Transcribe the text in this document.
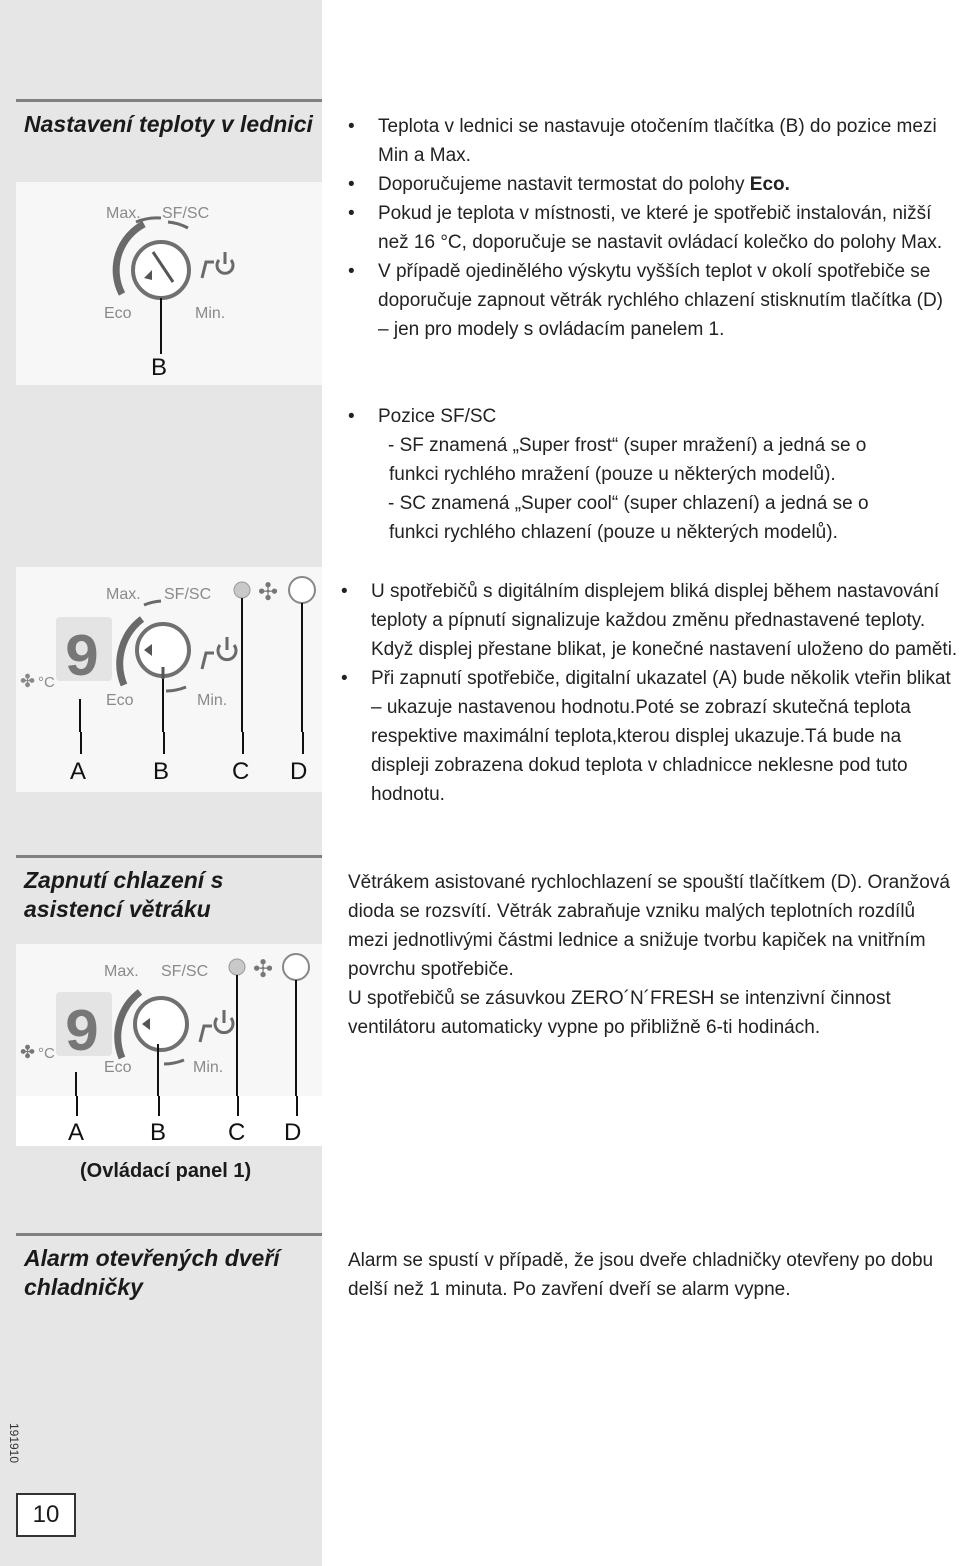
Nastavení teploty v lednici
Max. SF/SC
Eco	Min.
B
• Teplota v lednici se nastavuje otočením tlačítka (B) do pozice mezi Min a Max.
• Doporučujeme nastavit termostat do polohy Eco.
• Pokud je teplota v místnosti, ve které je spotřebič instalován, nižší než 16 °C, doporučuje se nastavit ovládací kolečko do polohy Max.
• V případě ojedinělého výskytu vyšších teplot v okolí spotřebiče se doporučuje zapnout větrák rychlého chlazení stisknutím tlačítka (D) – jen pro modely s ovládacím panelem 1.
• Pozice SF/SC
- SF znamená „Super frost“ (super mražení) a jedná se o
funkci rychlého mražení (pouze u některých modelů).
- SC znamená „Super cool“ (super chlazení) a jedná se o
funkci rychlého chlazení (pouze u některých modelů).
9
✤ °C
✣
Max. SF/SC
Eco	Min.
A	B	C D
• U spotřebičů s digitálním displejem bliká displej během nastavování teploty a pípnutí signalizuje každou změnu přednastavené teploty. Když displej přestane blikat, je konečné nastavení uloženo do paměti.
• Při zapnutí spotřebiče, digitalní ukazatel (A) bude několik vteřin blikat – ukazuje nastavenou hodnotu.Poté se zobrazí skutečná teplota respektive maximální teplota,kterou displej ukazuje.Tá bude na displeji zobrazena dokud teplota v chladnicce neklesne pod tuto hodnotu.
Zapnutí chlazení s asistencí větráku
9
✤ °C
✣
Max. SF/SC
Eco	Min.
A	B	C D
(Ovládací panel 1)

Větrákem asistované rychlochlazení se spouští tlačítkem (D). Oranžová dioda se rozsvítí. Větrák zabraňuje vzniku malých teplotních rozdílů mezi jednotlivými částmi lednice a snižuje tvorbu kapiček na vnitřním povrchu spotřebiče.

U spotřebičů se zásuvkou ZERO´N´FRESH se intenzivní činnost ventilátoru automaticky vypne po přibližně 6-ti hodinách.

Alarm otevřených dveří chladničky
Alarm se spustí v případě, že jsou dveře chladničky otevřeny po dobu delší než 1 minuta. Po zavření dveří se alarm vypne.
191910
10
